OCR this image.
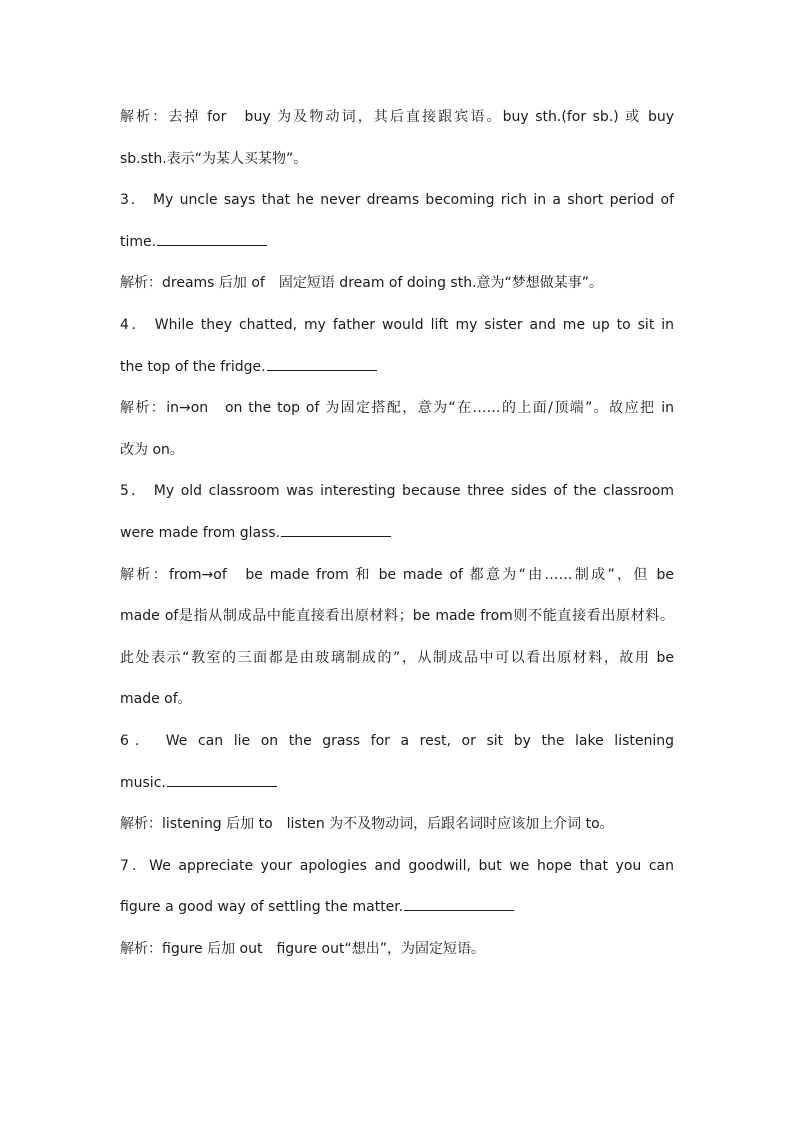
解析：去掉 for　buy 为及物动词，其后直接跟宾语。buy sth.(for sb.) 或 buy
sb.sth.表示“为某人买某物”。
3． My uncle says that he never dreams becoming rich in a short period of
time.
解析：dreams 后加 of　固定短语 dream of doing sth.意为“梦想做某事”。
4． While they chatted, my father would lift my sister and me up to sit in
the top of the fridge.
解析：in→on　on the top of 为固定搭配，意为“在……的上面/顶端”。故应把 in
改为 on。
5． My old classroom was interesting because three sides of the classroom
were made from glass.
解析：from→of　be made from 和 be made of 都意为“由……制成”，但 be
made of是指从制成品中能直接看出原材料；be made from则不能直接看出原材料。
此处表示“教室的三面都是由玻璃制成的”，从制成品中可以看出原材料，故用 be
made of。
6． We can lie on the grass for a rest, or sit by the lake listening
music.
解析：listening 后加 to　listen 为不及物动词，后跟名词时应该加上介词 to。
7．We appreciate your apologies and goodwill, but we hope that you can
figure a good way of settling the matter.
解析：figure 后加 out　figure out“想出”，为固定短语。
